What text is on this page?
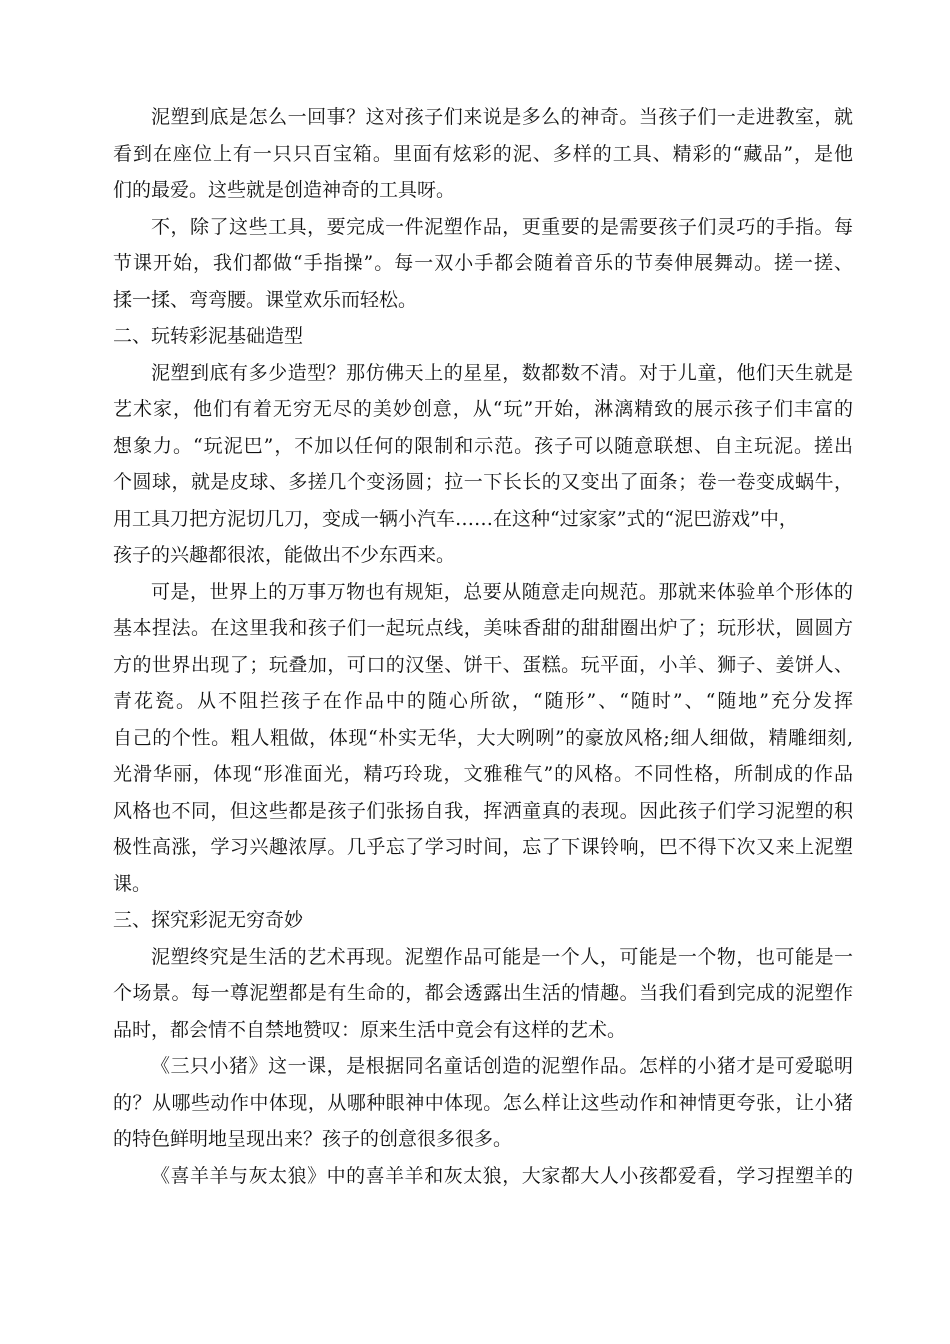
泥塑到底是怎么一回事？这对孩子们来说是多么的神奇。当孩子们一走进教室，就
看到在座位上有一只只百宝箱。里面有炫彩的泥、多样的工具、精彩的“藏品”，是他
们的最爱。这些就是创造神奇的工具呀。
不，除了这些工具，要完成一件泥塑作品，更重要的是需要孩子们灵巧的手指。每
节课开始，我们都做“手指操”。每一双小手都会随着音乐的节奏伸展舞动。搓一搓、
揉一揉、弯弯腰。课堂欢乐而轻松。
二、玩转彩泥基础造型
泥塑到底有多少造型？那仿佛天上的星星，数都数不清。对于儿童，他们天生就是
艺术家，他们有着无穷无尽的美妙创意，从“玩”开始，淋漓精致的展示孩子们丰富的
想象力。“玩泥巴”，不加以任何的限制和示范。孩子可以随意联想、自主玩泥。搓出
个圆球，就是皮球、多搓几个变汤圆；拉一下长长的又变出了面条；卷一卷变成蜗牛，
用工具刀把方泥切几刀，变成一辆小汽车……在这种“过家家”式的“泥巴游戏”中，
孩子的兴趣都很浓，能做出不少东西来。
可是，世界上的万事万物也有规矩，总要从随意走向规范。那就来体验单个形体的
基本捏法。在这里我和孩子们一起玩点线，美味香甜的甜甜圈出炉了；玩形状，圆圆方
方的世界出现了；玩叠加，可口的汉堡、饼干、蛋糕。玩平面，小羊、狮子、姜饼人、
青花瓷。从不阻拦孩子在作品中的随心所欲，“随形”、“随时”、“随地”充分发挥
自己的个性。粗人粗做，体现“朴实无华，大大咧咧”的豪放风格;细人细做，精雕细刻,
光滑华丽，体现“形准面光，精巧玲珑，文雅稚气”的风格。不同性格，所制成的作品
风格也不同，但这些都是孩子们张扬自我，挥洒童真的表现。因此孩子们学习泥塑的积
极性高涨，学习兴趣浓厚。几乎忘了学习时间，忘了下课铃响，巴不得下次又来上泥塑
课。
三、探究彩泥无穷奇妙
泥塑终究是生活的艺术再现。泥塑作品可能是一个人，可能是一个物，也可能是一
个场景。每一尊泥塑都是有生命的，都会透露出生活的情趣。当我们看到完成的泥塑作
品时，都会情不自禁地赞叹：原来生活中竟会有这样的艺术。
《三只小猪》这一课，是根据同名童话创造的泥塑作品。怎样的小猪才是可爱聪明
的？从哪些动作中体现，从哪种眼神中体现。怎么样让这些动作和神情更夸张，让小猪
的特色鲜明地呈现出来？孩子的创意很多很多。
《喜羊羊与灰太狼》中的喜羊羊和灰太狼，大家都大人小孩都爱看，学习捏塑羊的
